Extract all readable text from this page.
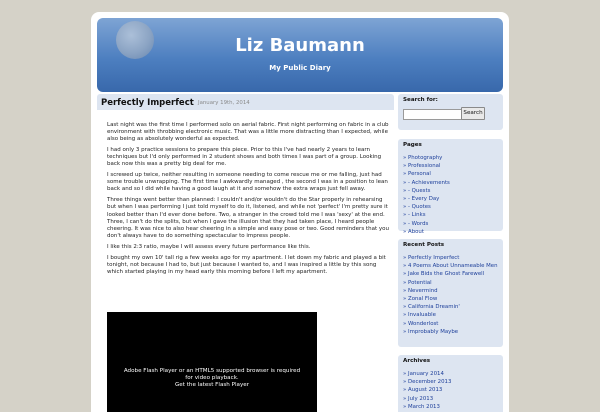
Liz Baumann
My Public Diary
Perfectly Imperfect January 19th, 2014

Last night was the first time I performed solo on aerial fabric. First night performing on fabric in a club environment with throbbing electronic music. That was a little more distracting than I expected, while also being as absolutely wonderful as expected.

I had only 3 practice sessions to prepare this piece. Prior to this I've had nearly 2 years to learn techniques but I'd only performed in 2 student shows and both times I was part of a group. Looking back now this was a pretty big deal for me.

I screwed up twice, neither resulting in someone needing to come rescue me or me falling, just had some trouble unwrapping. The first time I awkwardly managed , the second I was in a position to lean back and so I did while having a good laugh at it and somehow the extra wraps just fell away.

Three things went better than planned: I couldn't and/or wouldn't do the Star properly in rehearsing but when I was performing I just told myself to do it, listened, and while not 'perfect' I'm pretty sure it looked better than I'd ever done before. Two, a stranger in the crowd told me I was 'sexy' at the end. Three, I can't do the splits, but when I gave the illusion that they had taken place, I heard people cheering. It was nice to also hear cheering in a simple and easy pose or two. Good reminders that you don't always have to do something spectacular to impress people.

I like this 2:3 ratio, maybe I will assess every future performance like this.

I bought my own 10' tall rig a few weeks ago for my apartment. I let down my fabric and played a bit tonight, not because I had to, but just because I wanted to, and I was inspired a little by this song which started playing in my head early this morning before I left my apartment.

Adobe Flash Player or an HTML5 supported browser is required
for video playback.
Get the latest Flash Player
Search for:
Search
Pages
» Photography
» Professional
» Personal
» - Achievements
» - Quests
» - Every Day
» - Quotes
» - Links
» - Words
» About
Recent Posts
» Perfectly Imperfect
» 4 Poems About Unnameable Men
» Jake Bids the Ghost Farewell
» Potential
» Nevermind
» Zonal Flow
» California Dreamin'
» Invaluable
» Wonderlost
» Improbably Maybe
Archives
» January 2014
» December 2013
» August 2013
» July 2013
» March 2013
